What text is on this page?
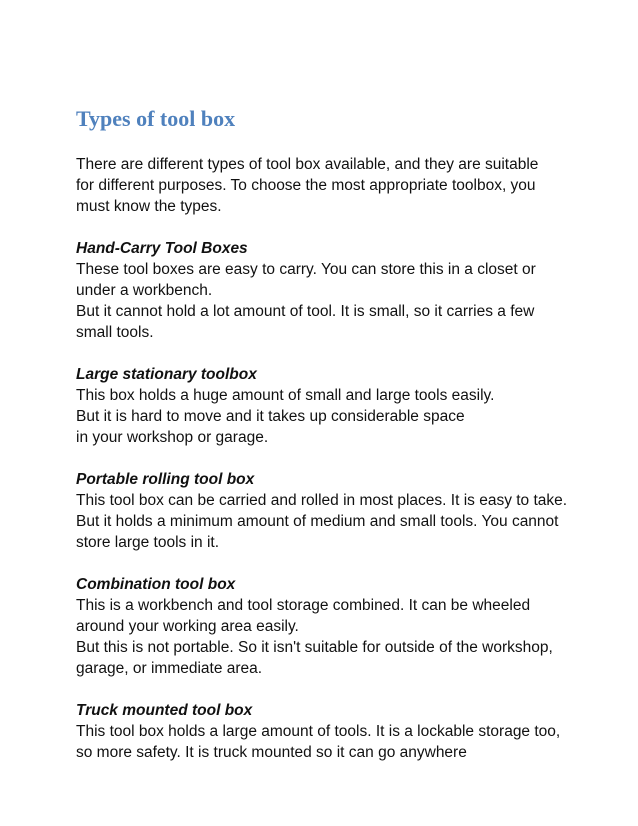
Types of tool box

There are different types of tool box available, and they are suitable
for different purposes. To choose the most appropriate toolbox, you
must know the types.

Hand-Carry Tool Boxes

These tool boxes are easy to carry. You can store this in a closet or
under a workbench.
But it cannot hold a lot amount of tool. It is small, so it carries a few
small tools.

Large stationary toolbox

This box holds a huge amount of small and large tools easily.
But it is hard to move and it takes up considerable space
in your workshop or garage.

Portable rolling tool box

This tool box can be carried and rolled in most places. It is easy to take.
But it holds a minimum amount of medium and small tools. You cannot
store large tools in it.

Combination tool box

This is a workbench and tool storage combined. It can be wheeled
around your working area easily.
But this is not portable. So it isn't suitable for outside of the workshop,
garage, or immediate area.

Truck mounted tool box

This tool box holds a large amount of tools. It is a lockable storage too,
so more safety. It is truck mounted so it can go anywhere
